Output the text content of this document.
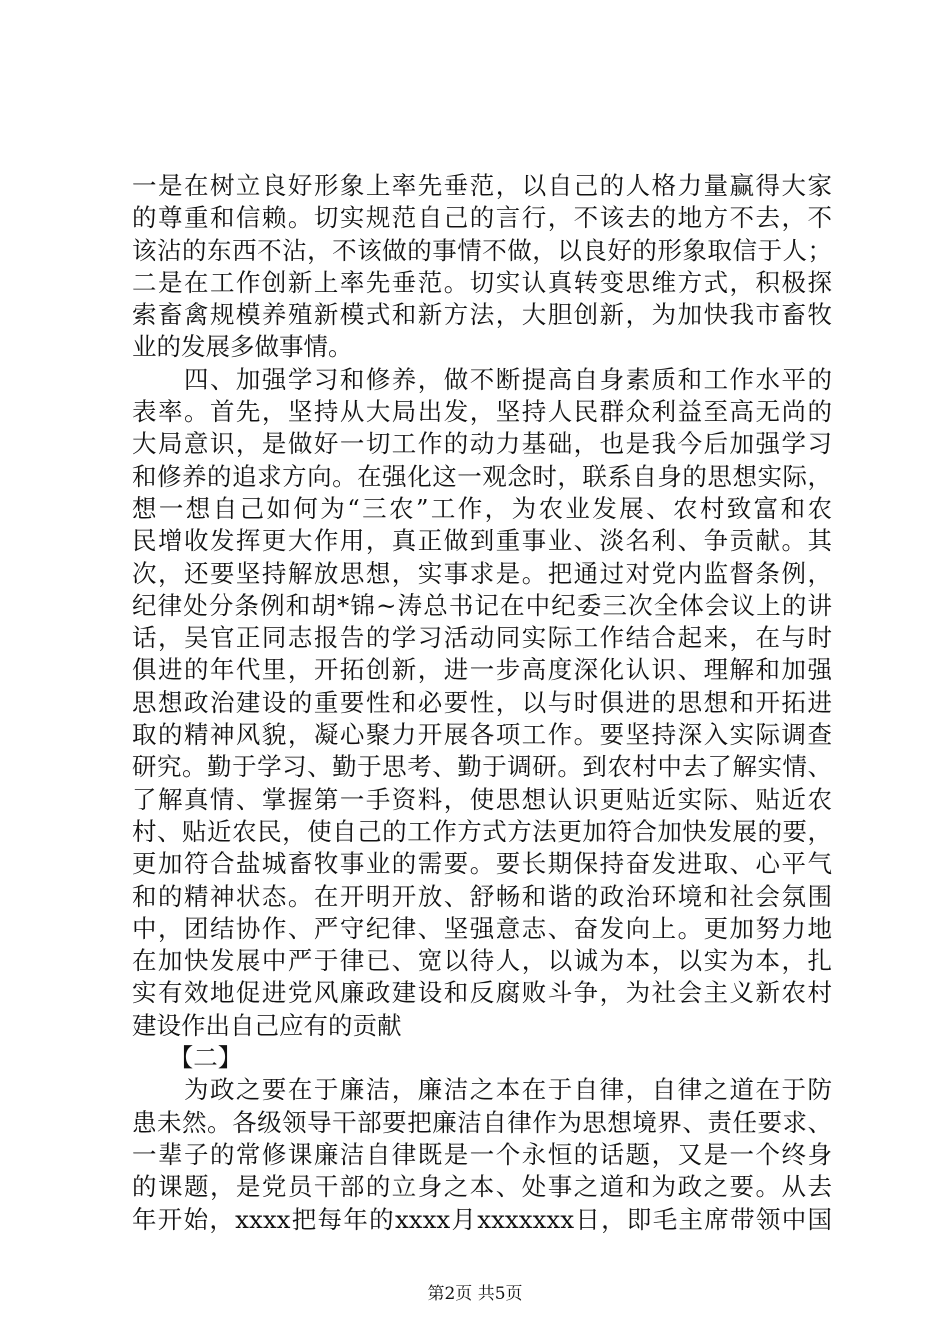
一是在树立良好形象上率先垂范，以自己的人格力量赢得大家
的尊重和信赖。切实规范自己的言行，不该去的地方不去，不
该沾的东西不沾，不该做的事情不做，以良好的形象取信于人；
二是在工作创新上率先垂范。切实认真转变思维方式，积极探
索畜禽规模养殖新模式和新方法，大胆创新，为加快我市畜牧
业的发展多做事情。
　　四、加强学习和修养，做不断提高自身素质和工作水平的
表率。首先，坚持从大局出发，坚持人民群众利益至高无尚的
大局意识，是做好一切工作的动力基础，也是我今后加强学习
和修养的追求方向。在强化这一观念时，联系自身的思想实际，
想一想自己如何为“三农”工作，为农业发展、农村致富和农
民增收发挥更大作用，真正做到重事业、淡名利、争贡献。其
次，还要坚持解放思想，实事求是。把通过对党内监督条例，
纪律处分条例和胡*锦~涛总书记在中纪委三次全体会议上的讲
话，吴官正同志报告的学习活动同实际工作结合起来，在与时
俱进的年代里，开拓创新，进一步高度深化认识、理解和加强
思想政治建设的重要性和必要性，以与时俱进的思想和开拓进
取的精神风貌，凝心聚力开展各项工作。要坚持深入实际调查
研究。勤于学习、勤于思考、勤于调研。到农村中去了解实情、
了解真情、掌握第一手资料，使思想认识更贴近实际、贴近农
村、贴近农民，使自己的工作方式方法更加符合加快发展的要，
更加符合盐城畜牧事业的需要。要长期保持奋发进取、心平气
和的精神状态。在开明开放、舒畅和谐的政治环境和社会氛围
中，团结协作、严守纪律、坚强意志、奋发向上。更加努力地
在加快发展中严于律已、宽以待人，以诚为本，以实为本，扎
实有效地促进党风廉政建设和反腐败斗争，为社会主义新农村
建设作出自己应有的贡献
　　【二】
　　为政之要在于廉洁，廉洁之本在于自律，自律之道在于防
患未然。各级领导干部要把廉洁自律作为思想境界、责任要求、
一辈子的常修课廉洁自律既是一个永恒的话题，又是一个终身
的课题，是党员干部的立身之本、处事之道和为政之要。从去
年开始，xxxx把每年的xxxx月xxxxxxx日，即毛主席带领中国
第2页 共5页
